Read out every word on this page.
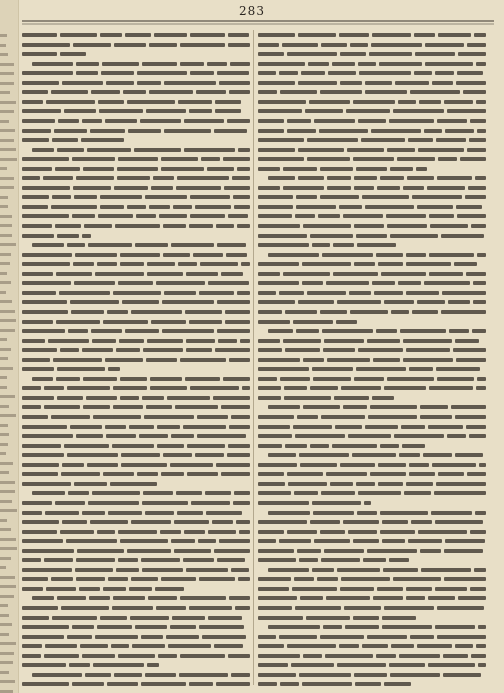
283
